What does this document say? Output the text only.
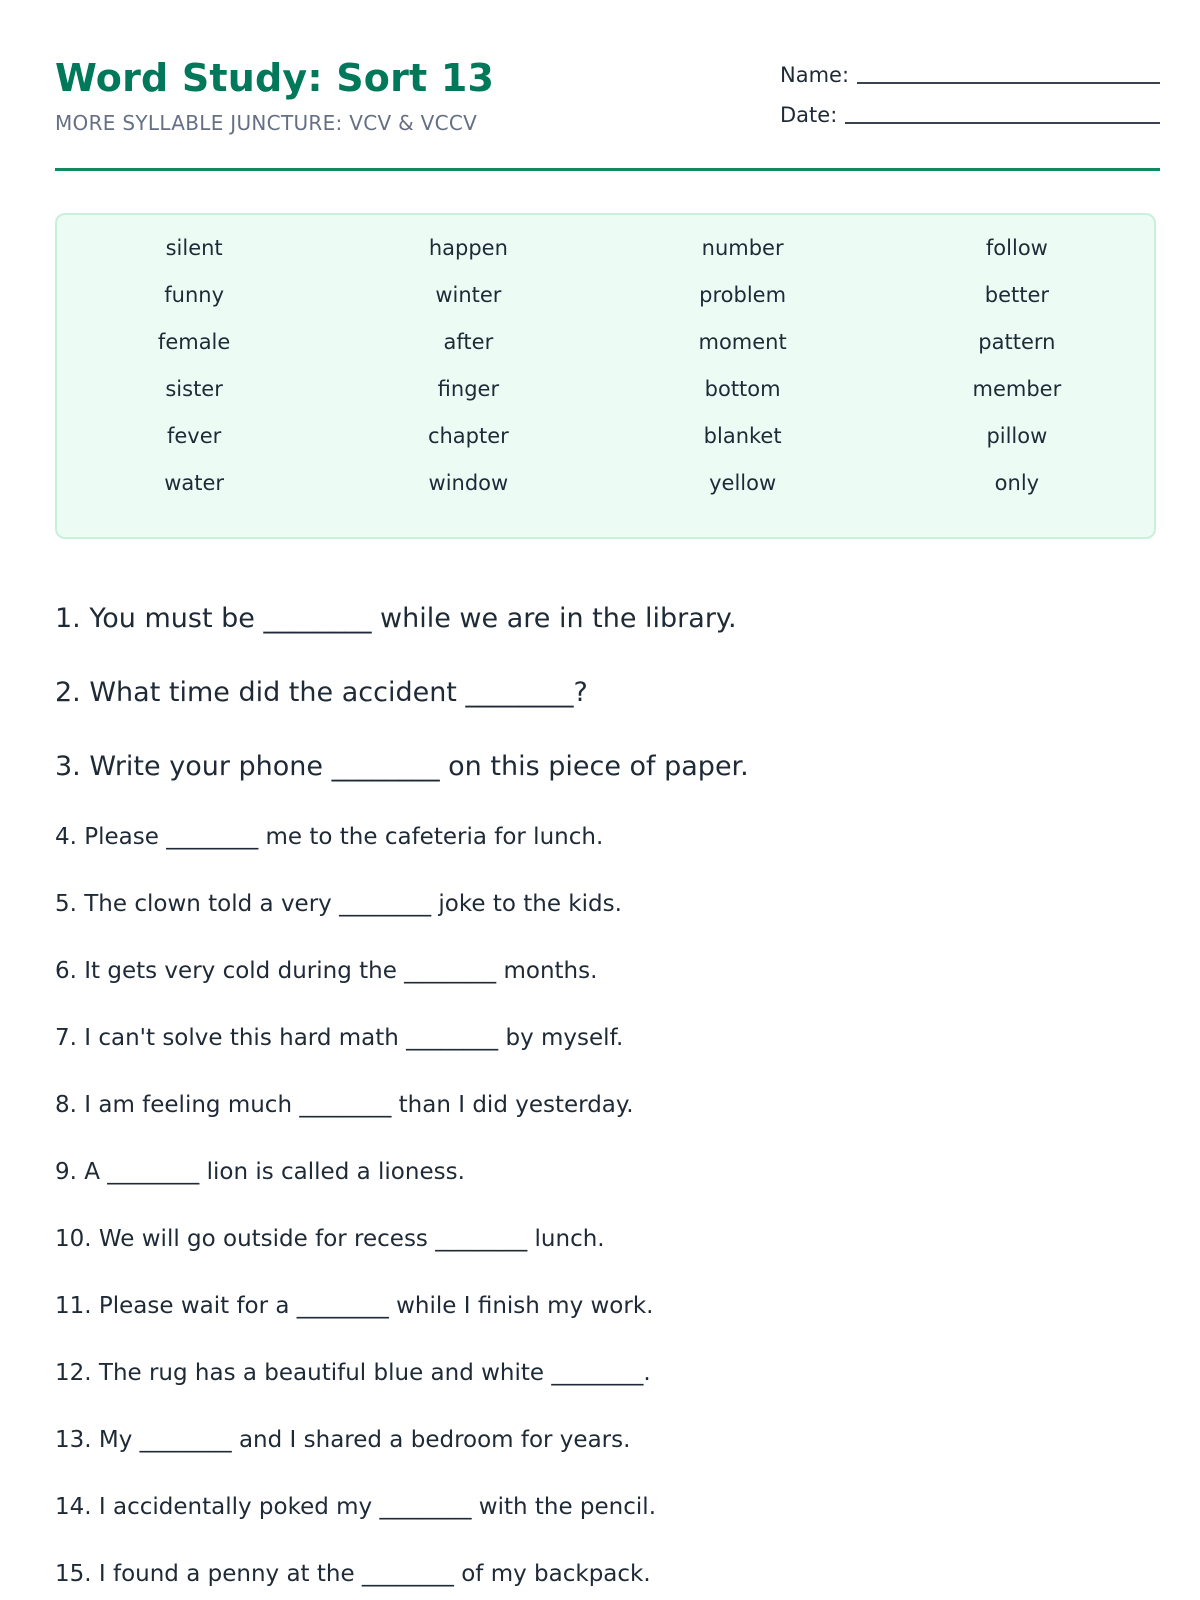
Word Study: Sort 13
MORE SYLLABLE JUNCTURE: VCV & VCCV
Name:
Date:
silent	happen	number	follow
funny	winter	problem	better
female	after	moment	pattern
sister	finger	bottom	member
fever	chapter	blanket	pillow
water	window	yellow	only

1. You must be ________ while we are in the library.

2. What time did the accident ________?

3. Write your phone ________ on this piece of paper.

4. Please ________ me to the cafeteria for lunch.

5. The clown told a very ________ joke to the kids.

6. It gets very cold during the ________ months.

7. I can't solve this hard math ________ by myself.

8. I am feeling much ________ than I did yesterday.

9. A ________ lion is called a lioness.

10. We will go outside for recess ________ lunch.

11. Please wait for a ________ while I finish my work.

12. The rug has a beautiful blue and white ________.

13. My ________ and I shared a bedroom for years.

14. I accidentally poked my ________ with the pencil.

15. I found a penny at the ________ of my backpack.
